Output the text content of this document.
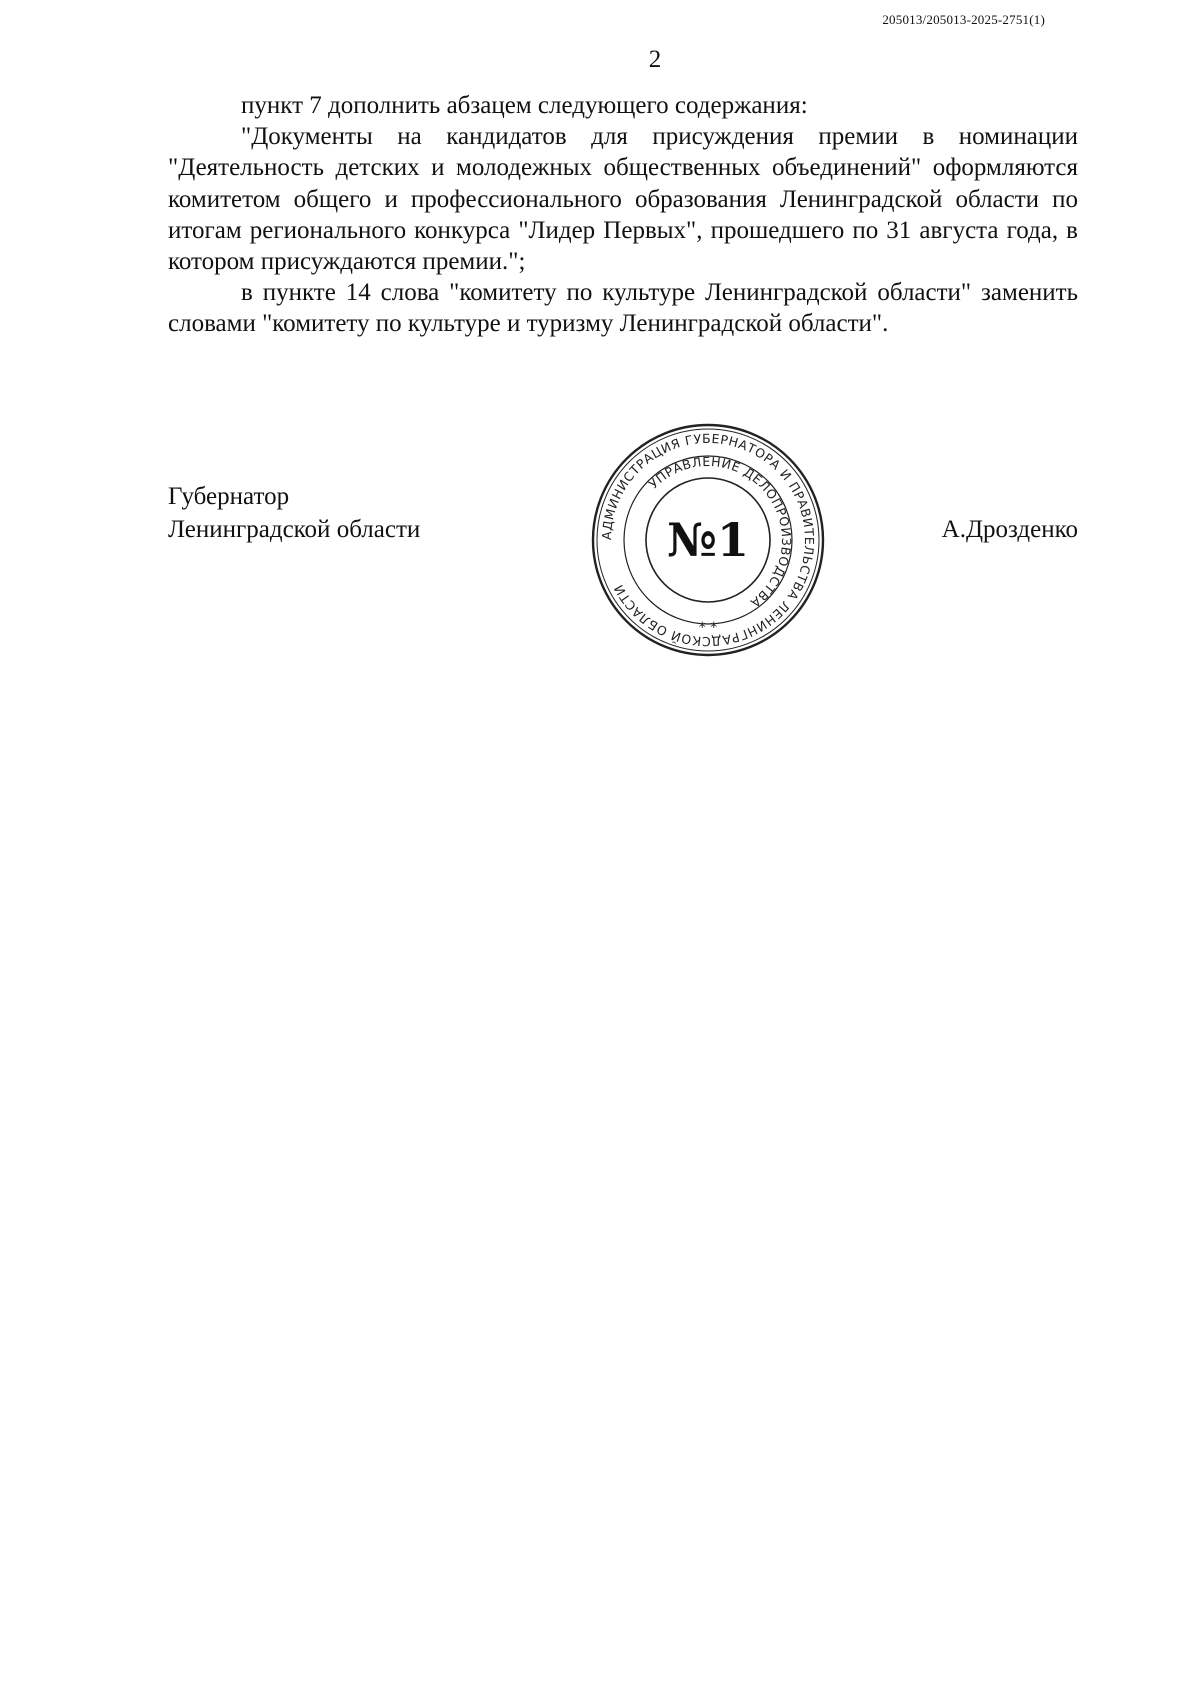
205013/205013-2025-2751(1)
2

пункт 7 дополнить абзацем следующего содержания:

"Документы на кандидатов для присуждения премии в номинации "Деятельность детских и молодежных общественных объединений" оформляются комитетом общего и профессионального образования Ленинградской области по итогам регионального конкурса "Лидер Первых", прошедшего по 31 августа года, в котором присуждаются премии.";

в пункте 14 слова "комитету по культуре Ленинградской области" заменить словами "комитету по культуре и туризму Ленинградской области".

Губернатор
Ленинградской области	АДМИНИСТРАЦИЯ ГУБЕРНАТОРА И ПРАВИТЕЛЬСТВА ЛЕНИНГРАДСКОЙ ОБЛАСТИ
УПРАВЛЕНИЕ ДЕЛОПРОИЗВОДСТВА
№1
* *
А.Дрозденко
